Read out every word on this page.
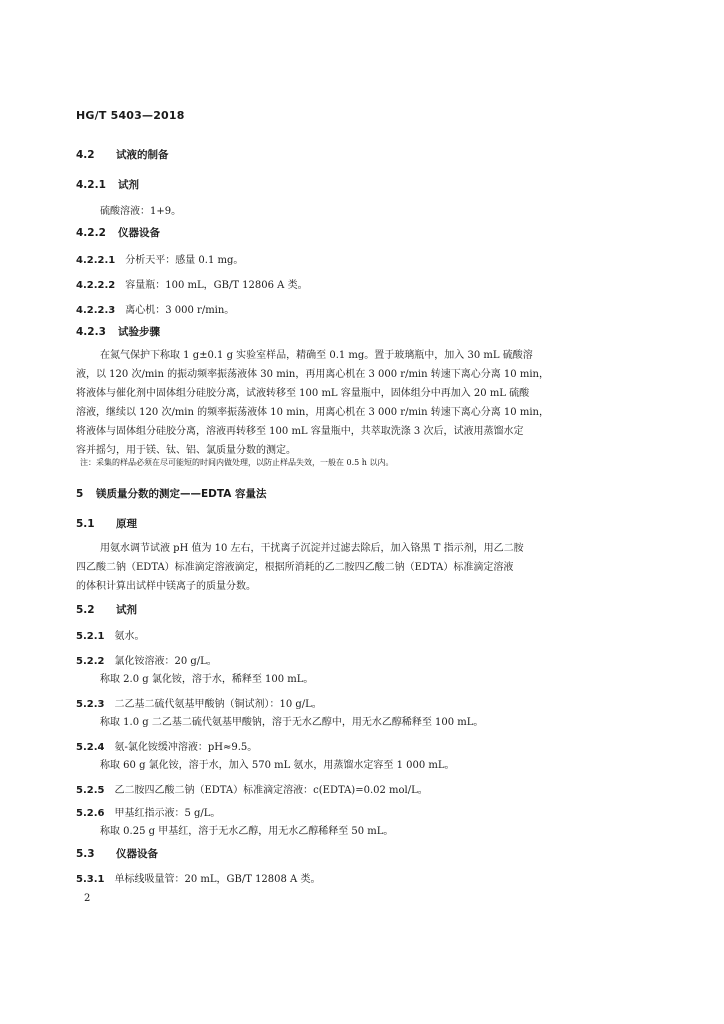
HG/T 5403—2018
4.2 试液的制备
4.2.1 试剂
硫酸溶液：1+9。
4.2.2 仪器设备
4.2.2.1 分析天平：感量 0.1 mg。
4.2.2.2 容量瓶：100 mL，GB/T 12806 A 类。
4.2.2.3 离心机：3 000 r/min。
4.2.3 试验步骤
在氮气保护下称取 1 g±0.1 g 实验室样品，精确至 0.1 mg。置于玻璃瓶中，加入 30 mL 硫酸溶
液，以 120 次/min 的振动频率振荡液体 30 min，再用离心机在 3 000 r/min 转速下离心分离 10 min，
将液体与催化剂中固体组分硅胶分离，试液转移至 100 mL 容量瓶中，固体组分中再加入 20 mL 硫酸
溶液，继续以 120 次/min 的频率振荡液体 10 min，用离心机在 3 000 r/min 转速下离心分离 10 min，
将液体与固体组分硅胶分离，溶液再转移至 100 mL 容量瓶中，共萃取洗涤 3 次后，试液用蒸馏水定
容并摇匀，用于镁、钛、铝、氯质量分数的测定。
注：采集的样品必须在尽可能短的时间内做处理，以防止样品失效，一般在 0.5 h 以内。
5 镁质量分数的测定——EDTA 容量法
5.1 原理
用氨水调节试液 pH 值为 10 左右，干扰离子沉淀并过滤去除后，加入铬黑 T 指示剂，用乙二胺
四乙酸二钠（EDTA）标准滴定溶液滴定，根据所消耗的乙二胺四乙酸二钠（EDTA）标准滴定溶液
的体积计算出试样中镁离子的质量分数。
5.2 试剂
5.2.1 氨水。
5.2.2 氯化铵溶液：20 g/L。
称取 2.0 g 氯化铵，溶于水，稀释至 100 mL。
5.2.3 二乙基二硫代氨基甲酸钠（铜试剂）：10 g/L。
称取 1.0 g 二乙基二硫代氨基甲酸钠，溶于无水乙醇中，用无水乙醇稀释至 100 mL。
5.2.4 氨-氯化铵缓冲溶液：pH≈9.5。
称取 60 g 氯化铵，溶于水，加入 570 mL 氨水，用蒸馏水定容至 1 000 mL。
5.2.5 乙二胺四乙酸二钠（EDTA）标准滴定溶液：c(EDTA)=0.02 mol/L。
5.2.6 甲基红指示液：5 g/L。
称取 0.25 g 甲基红，溶于无水乙醇，用无水乙醇稀释至 50 mL。
5.3 仪器设备
5.3.1 单标线吸量管：20 mL，GB/T 12808 A 类。
2
